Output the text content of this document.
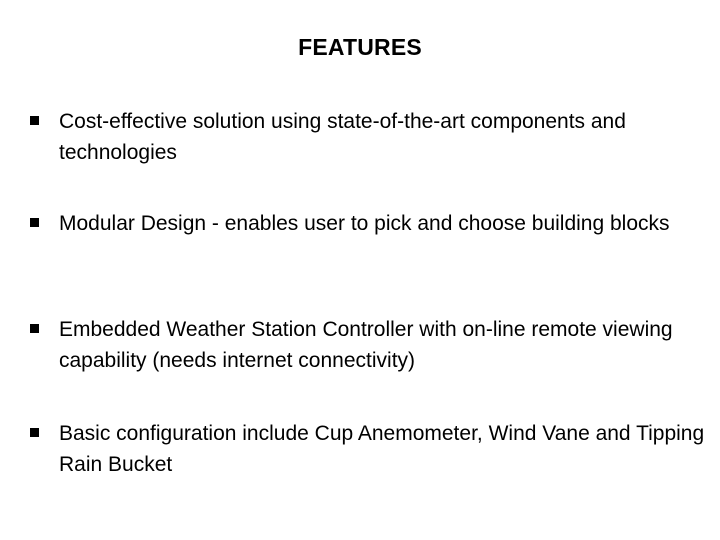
FEATURES
Cost-effective solution using state-of-the-art components and technologies
Modular Design - enables user to pick and choose building blocks
Embedded Weather Station Controller with on-line remote viewing capability (needs internet connectivity)
Basic configuration include Cup Anemometer, Wind Vane and Tipping Rain Bucket
